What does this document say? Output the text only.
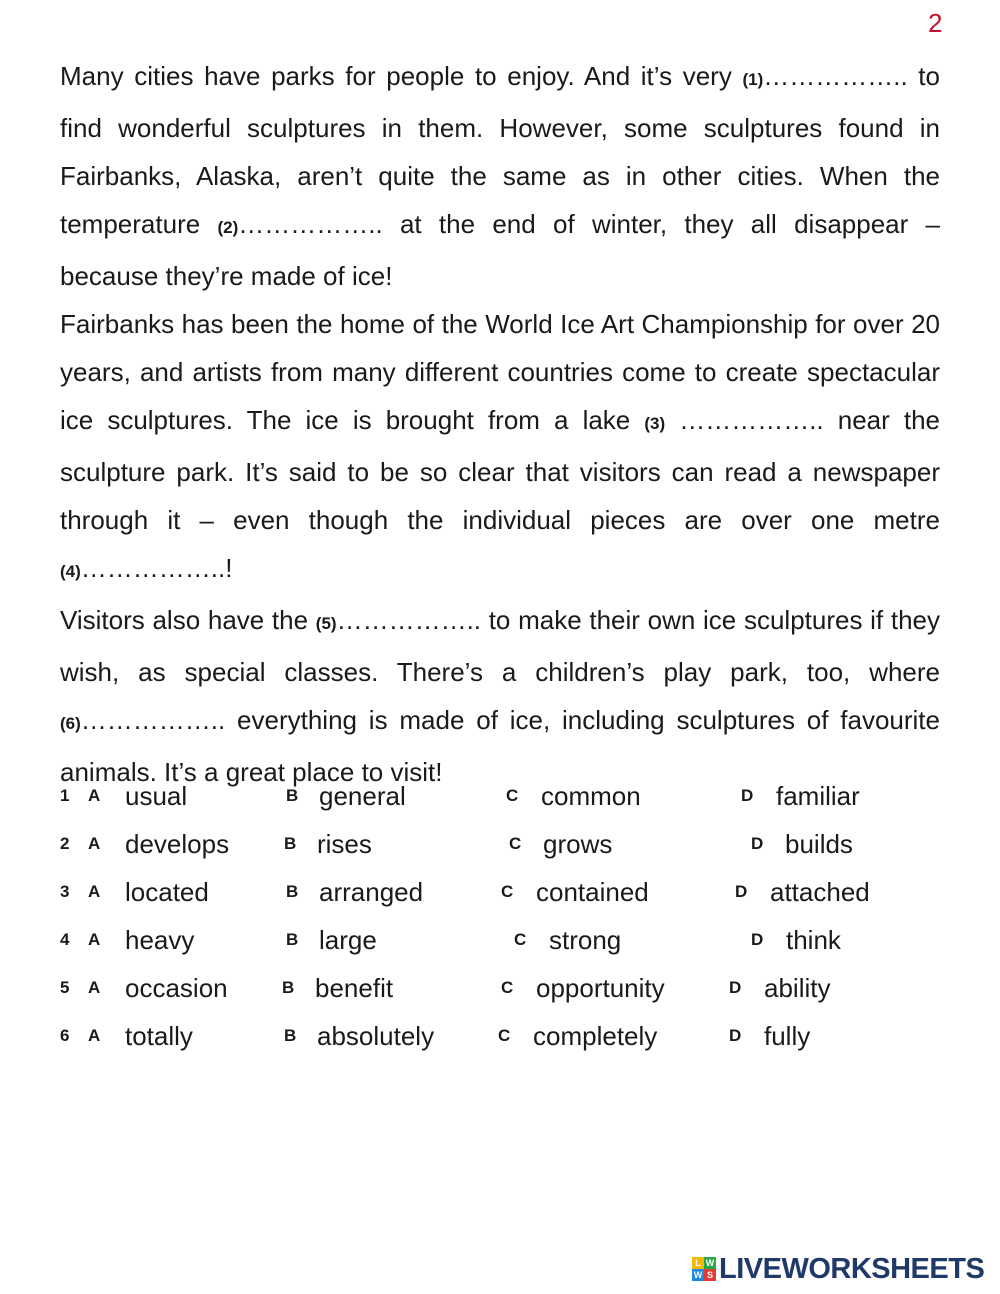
2

Many cities have parks for people to enjoy. And it’s very (1)…………….. to find wonderful sculptures in them. However, some sculptures found in Fairbanks, Alaska, aren’t quite the same as in other cities. When the temperature (2)…………….. at the end of winter, they all disappear – because they’re made of ice!

Fairbanks has been the home of the World Ice Art Championship for over 20 years, and artists from many different countries come to create spectacular ice sculptures. The ice is brought from a lake (3) …………….. near the sculpture park. It’s said to be so clear that visitors can read a newspaper through it – even though the individual pieces are over one metre (4)……………..!

Visitors also have the (5)…………….. to make their own ice sculptures if they wish, as special classes. There’s a children’s play park, too, where (6)…………….. everything is made of ice, including sculptures of favourite animals. It’s a great place to visit!

1 A usual	B general	C common	D familiar
2 A develops	B rises	C grows	D builds
3 A located	B arranged	C contained	D attached
4 A heavy	B large	C strong	D think
5 A occasion	B benefit	C opportunity	D ability
6 A totally	B absolutely	C completely	D fully
L W
W S LIVEWORKSHEETS
